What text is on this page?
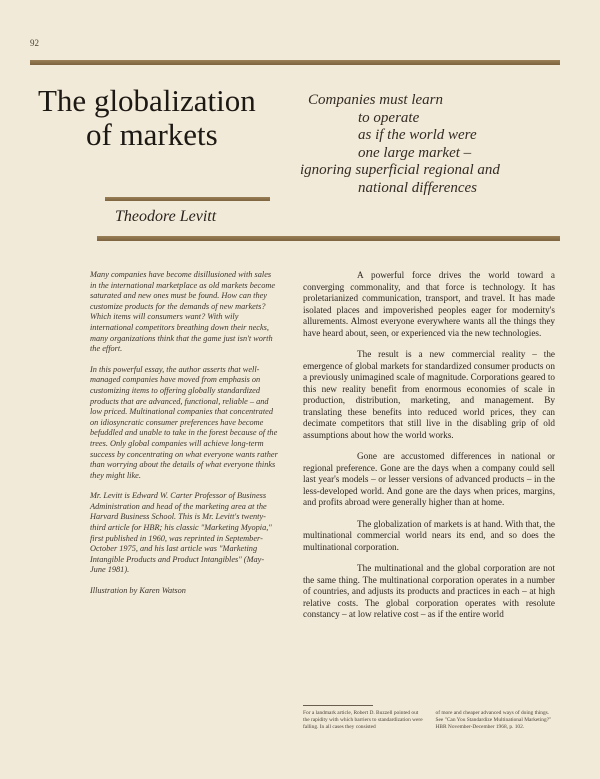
92
The globalization
of markets
Companies must learn
to operate
as if the world were
one large market –
ignoring superficial regional and
national differences
Theodore Levitt

Many companies have become disillusioned with sales in the international marketplace as old markets become saturated and new ones must be found. How can they customize products for the demands of new markets? Which items will consumers want? With wily international competitors breathing down their necks, many organizations think that the game just isn't worth the effort.

In this powerful essay, the author asserts that well-managed companies have moved from emphasis on customizing items to offering globally standardized products that are advanced, functional, reliable – and low priced. Multinational companies that concentrated on idiosyncratic consumer preferences have become befuddled and unable to take in the forest because of the trees. Only global companies will achieve long-term success by concentrating on what everyone wants rather than worrying about the details of what everyone thinks they might like.

Mr. Levitt is Edward W. Carter Professor of Business Administration and head of the marketing area at the Harvard Business School. This is Mr. Levitt's twenty-third article for HBR; his classic "Marketing Myopia," first published in 1960, was reprinted in September-October 1975, and his last article was "Marketing Intangible Products and Product Intangibles" (May-June 1981).

Illustration by Karen Watson

A powerful force drives the world toward a converging commonality, and that force is technology. It has proletarianized communication, transport, and travel. It has made isolated places and impoverished peoples eager for modernity's allurements. Almost everyone everywhere wants all the things they have heard about, seen, or experienced via the new technologies.

The result is a new commercial reality – the emergence of global markets for standardized consumer products on a previously unimagined scale of magnitude. Corporations geared to this new reality benefit from enormous economies of scale in production, distribution, marketing, and management. By translating these benefits into reduced world prices, they can decimate competitors that still live in the disabling grip of old assumptions about how the world works.

Gone are accustomed differences in national or regional preference. Gone are the days when a company could sell last year's models – or lesser versions of advanced products – in the less-developed world. And gone are the days when prices, margins, and profits abroad were generally higher than at home.

The globalization of markets is at hand. With that, the multinational commercial world nears its end, and so does the multinational corporation.

The multinational and the global corporation are not the same thing. The multinational corporation operates in a number of countries, and adjusts its products and practices in each – at high relative costs. The global corporation operates with resolute constancy – at low relative cost – as if the entire world

For a landmark article, Robert D. Buzzell pointed out the rapidity with which barriers to standardization were falling. In all cases they consisted
of more and cheaper advanced ways of doing things. See "Can You Standardize Multinational Marketing?" HBR November-December 1968, p. 102.
